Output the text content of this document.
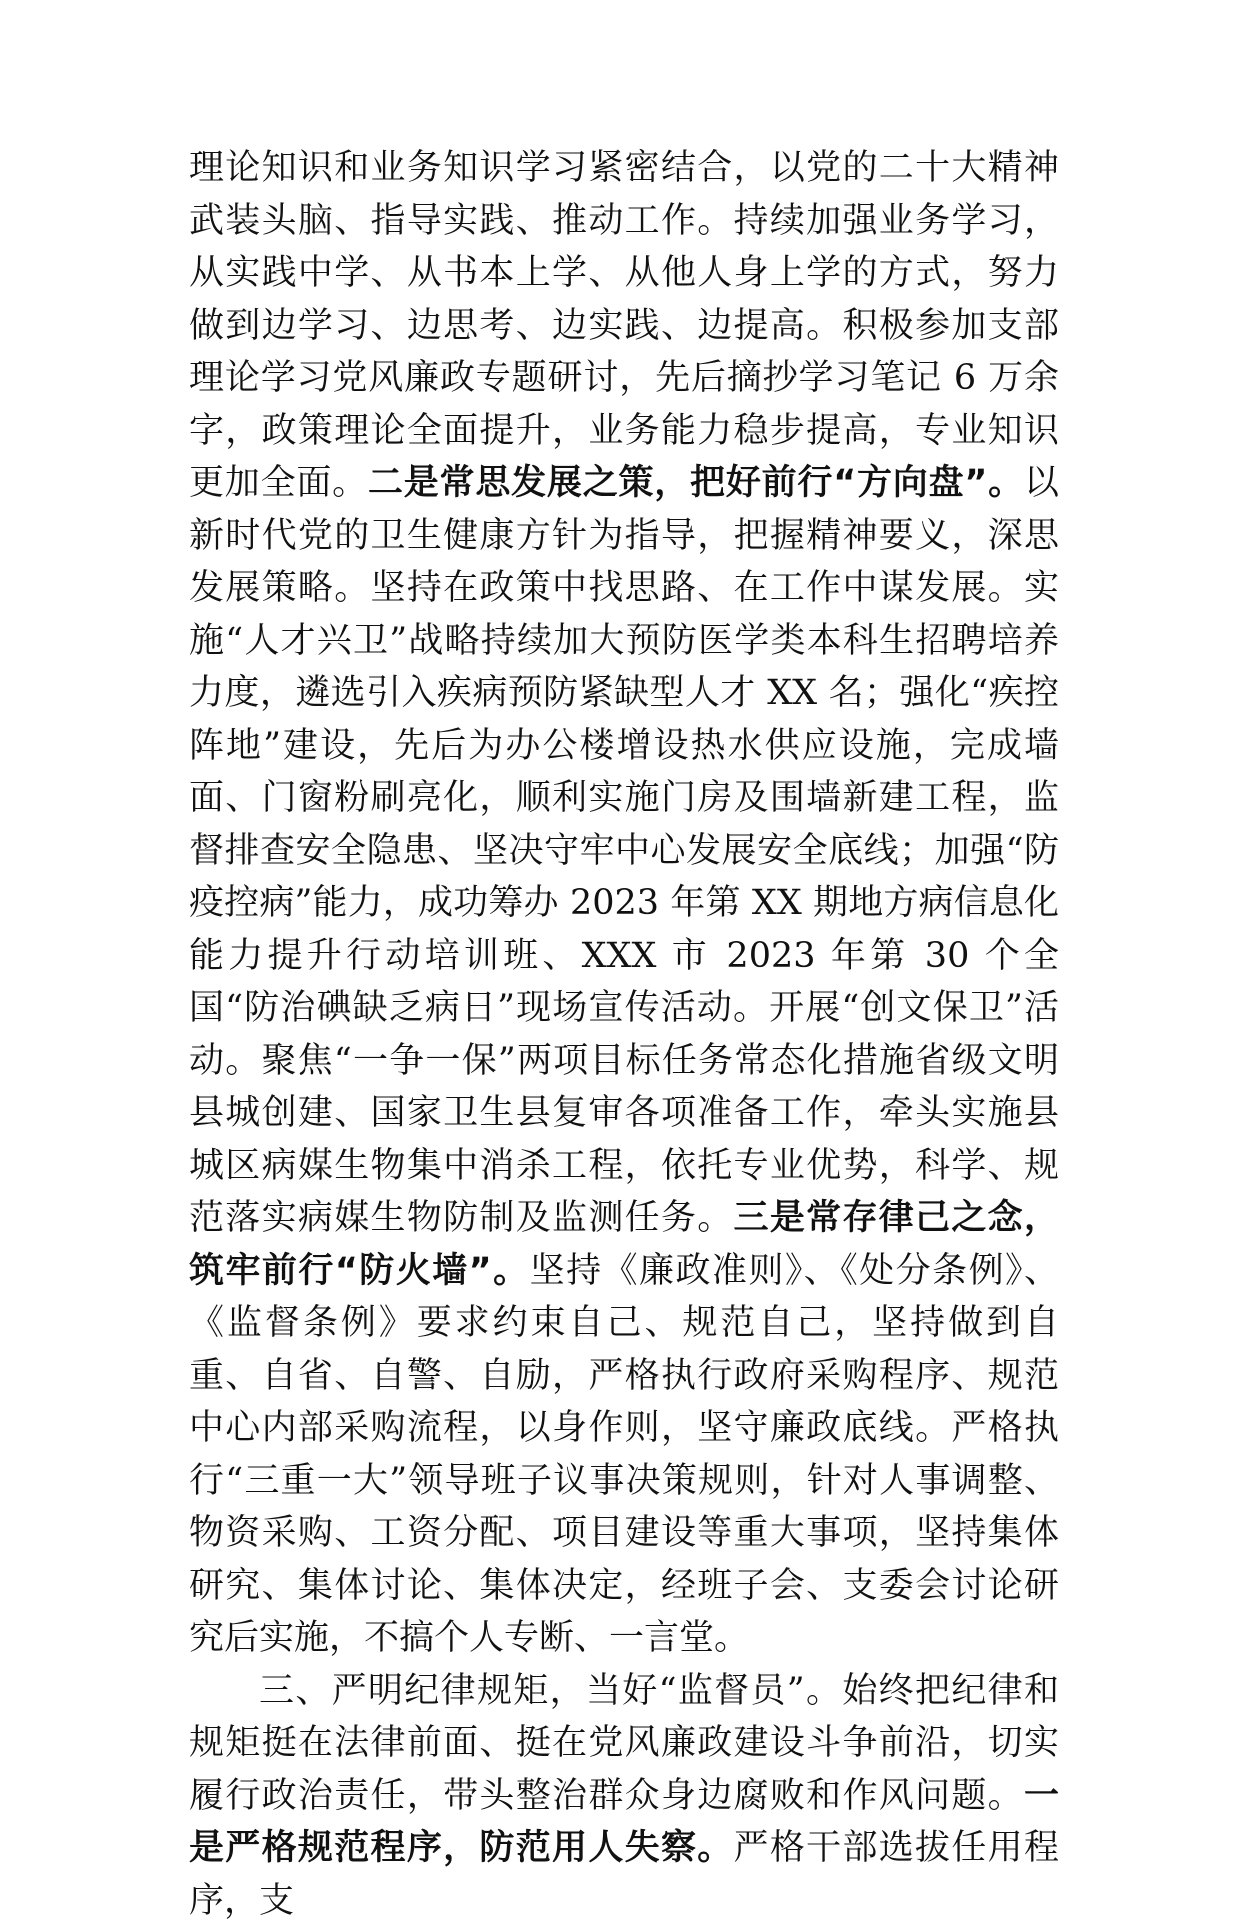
理论知识和业务知识学习紧密结合，以党的二十大精神武装头脑、指导实践、推动工作。持续加强业务学习，从实践中学、从书本上学、从他人身上学的方式，努力做到边学习、边思考、边实践、边提高。积极参加支部理论学习党风廉政专题研讨，先后摘抄学习笔记 6 万余字，政策理论全面提升，业务能力稳步提高，专业知识更加全面。二是常思发展之策，把好前行“方向盘”。以新时代党的卫生健康方针为指导，把握精神要义，深思发展策略。坚持在政策中找思路、在工作中谋发展。实施“人才兴卫”战略持续加大预防医学类本科生招聘培养力度，遴选引入疾病预防紧缺型人才 XX 名；强化“疾控阵地”建设，先后为办公楼增设热水供应设施，完成墙面、门窗粉刷亮化，顺利实施门房及围墙新建工程，监督排查安全隐患、坚决守牢中心发展安全底线；加强“防疫控病”能力，成功筹办 2023 年第 XX 期地方病信息化能力提升行动培训班、XXX 市 2023 年第 30 个全国“防治碘缺乏病日”现场宣传活动。开展“创文保卫”活动。聚焦“一争一保”两项目标任务常态化措施省级文明县城创建、国家卫生县复审各项准备工作，牵头实施县城区病媒生物集中消杀工程，依托专业优势，科学、规范落实病媒生物防制及监测任务。三是常存律己之念，筑牢前行“防火墙”。坚持《廉政准则》、《处分条例》、《监督条例》要求约束自己、规范自己，坚持做到自重、自省、自警、自励，严格执行政府采购程序、规范中心内部采购流程，以身作则，坚守廉政底线。严格执行“三重一大”领导班子议事决策规则，针对人事调整、物资采购、工资分配、项目建设等重大事项，坚持集体研究、集体讨论、集体决定，经班子会、支委会讨论研究后实施，不搞个人专断、一言堂。

三、严明纪律规矩，当好“监督员”。始终把纪律和规矩挺在法律前面、挺在党风廉政建设斗争前沿，切实履行政治责任，带头整治群众身边腐败和作风问题。一是严格规范程序，防范用人失察。严格干部选拔任用程序，支
